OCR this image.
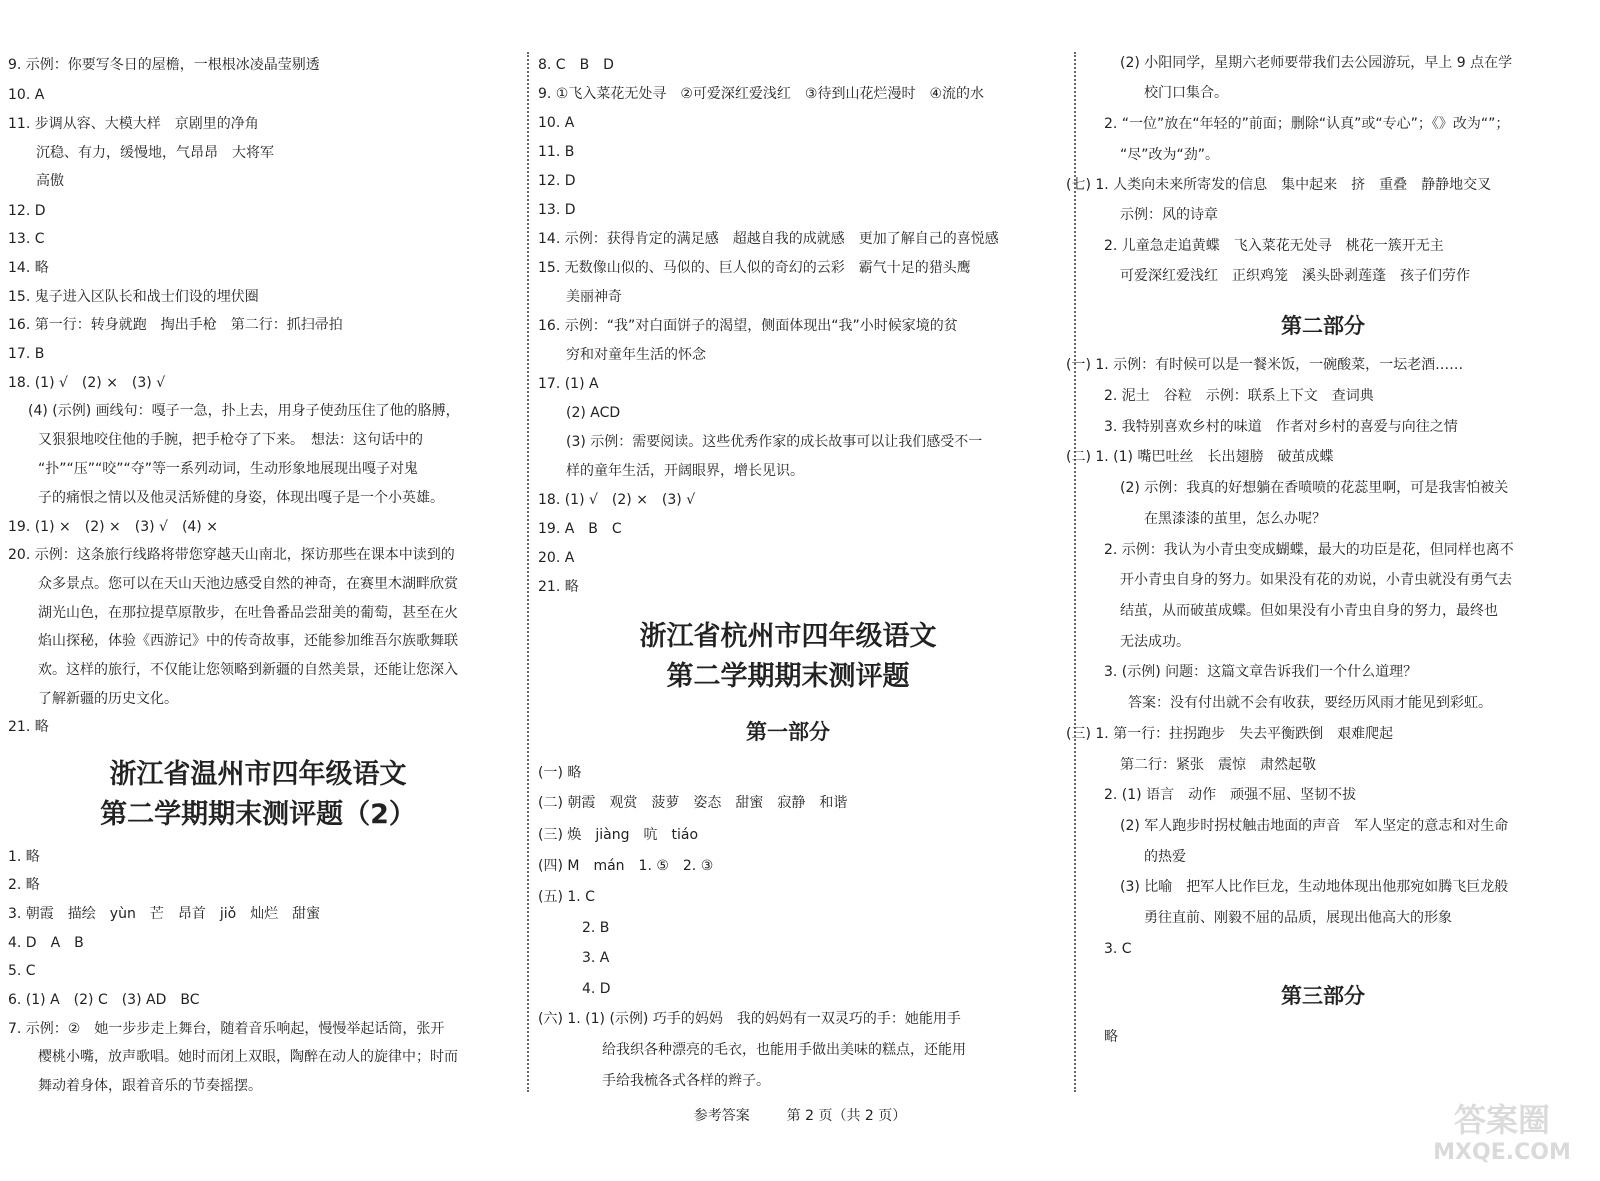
9. 示例：你要写冬日的屋檐，一根根冰凌晶莹剔透
10. A
11. 步调从容、大模大样　京剧里的净角
沉稳、有力，缓慢地，气昂昂　大将军
高傲
12. D
13. C
14. 略
15. 鬼子进入区队长和战士们设的埋伏圈
16. 第一行：转身就跑　掏出手枪　第二行：抓扫帚拍
17. B
18. (1) √　(2) ×　(3) √
(4) (示例) 画线句：嘎子一急，扑上去，用身子使劲压住了他的胳膊，
又狠狠地咬住他的手腕，把手枪夺了下来。　想法：这句话中的
“扑”“压”“咬”“夺”等一系列动词，生动形象地展现出嘎子对鬼
子的痛恨之情以及他灵活矫健的身姿，体现出嘎子是一个小英雄。
19. (1) ×　(2) ×　(3) √　(4) ×
20. 示例：这条旅行线路将带您穿越天山南北，探访那些在课本中读到的
众多景点。您可以在天山天池边感受自然的神奇，在赛里木湖畔欣赏
湖光山色，在那拉提草原散步，在吐鲁番品尝甜美的葡萄，甚至在火
焰山探秘，体验《西游记》中的传奇故事，还能参加维吾尔族歌舞联
欢。这样的旅行，不仅能让您领略到新疆的自然美景，还能让您深入
了解新疆的历史文化。
21. 略
1. 略
2. 略
3. 朝霞　描绘　yùn　芒　昂首　jiǒ　灿烂　甜蜜
4. D　A　B
5. C
6. (1) A　(2) C　(3) AD　BC
7. 示例：②　她一步步走上舞台，随着音乐响起，慢慢举起话筒，张开
樱桃小嘴，放声歌唱。她时而闭上双眼，陶醉在动人的旋律中；时而
舞动着身体，跟着音乐的节奏摇摆。
浙江省温州市四年级语文
第二学期期末测评题（2）
8. C　B　D
9. ①飞入菜花无处寻　②可爱深红爱浅红　③待到山花烂漫时　④流的水
10. A
11. B
12. D
13. D
14. 示例：获得肯定的满足感　超越自我的成就感　更加了解自己的喜悦感
15. 无数像山似的、马似的、巨人似的奇幻的云彩　霸气十足的猎头鹰
美丽神奇
16. 示例：“我”对白面饼子的渴望，侧面体现出“我”小时候家境的贫
穷和对童年生活的怀念
17. (1) A
(2) ACD
(3) 示例：需要阅读。这些优秀作家的成长故事可以让我们感受不一
样的童年生活，开阔眼界，增长见识。
18. (1) √　(2) ×　(3) √
19. A　B　C
20. A
21. 略
(一) 略
(二) 朝霞　观赏　菠萝　姿态　甜蜜　寂静　和谐
(三) 焕　jiàng　吭　tiáo
(四) M　mán　1. ⑤　2. ③
(五) 1. C
2. B
3. A
4. D
(六) 1. (1) (示例) 巧手的妈妈　我的妈妈有一双灵巧的手：她能用手
给我织各种漂亮的毛衣，也能用手做出美味的糕点，还能用
手给我梳各式各样的辫子。
浙江省杭州市四年级语文
第二学期期末测评题
第一部分
(2) 小阳同学，星期六老师要带我们去公园游玩，早上 9 点在学
校门口集合。
2. “一位”放在“年轻的”前面；删除“认真”或“专心”；《》改为“”；
“尽”改为“劲”。
(七) 1. 人类向未来所寄发的信息　集中起来　挤　重叠　静静地交叉
示例：风的诗章
2. 儿童急走追黄蝶　飞入菜花无处寻　桃花一簇开无主
可爱深红爱浅红　正织鸡笼　溪头卧剥莲蓬　孩子们劳作
(一) 1. 示例：有时候可以是一餐米饭，一碗酸菜，一坛老酒……
2. 泥土　谷粒　示例：联系上下文　查词典
3. 我特别喜欢乡村的味道　作者对乡村的喜爱与向往之情
(二) 1. (1) 嘴巴吐丝　长出翅膀　破茧成蝶
(2) 示例：我真的好想躺在香喷喷的花蕊里啊，可是我害怕被关
在黑漆漆的茧里，怎么办呢？
2. 示例：我认为小青虫变成蝴蝶，最大的功臣是花，但同样也离不
开小青虫自身的努力。如果没有花的劝说，小青虫就没有勇气去
结茧，从而破茧成蝶。但如果没有小青虫自身的努力，最终也
无法成功。
3. (示例) 问题：这篇文章告诉我们一个什么道理？
答案：没有付出就不会有收获，要经历风雨才能见到彩虹。
(三) 1. 第一行：拄拐跑步　失去平衡跌倒　艰难爬起
第二行：紧张　震惊　肃然起敬
2. (1) 语言　动作　顽强不屈、坚韧不拔
(2) 军人跑步时拐杖触击地面的声音　军人坚定的意志和对生命
的热爱
(3) 比喻　把军人比作巨龙，生动地体现出他那宛如腾飞巨龙般
勇往直前、刚毅不屈的品质，展现出他高大的形象
3. C
略
第二部分
第三部分
参考答案	第 2 页（共 2 页）	答案圈
MXQE.COM
